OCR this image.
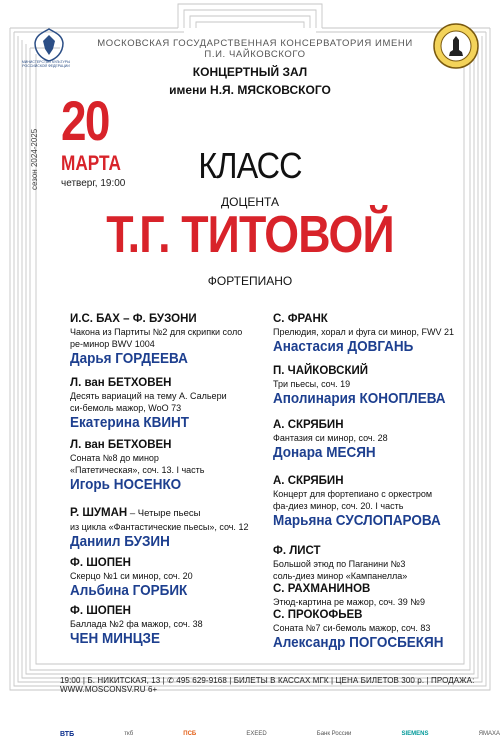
МИНИСТЕРСТВО КУЛЬТУРЫ РОССИЙСКОЙ ФЕДЕРАЦИИ
МОСКОВСКАЯ ГОСУДАРСТВЕННАЯ КОНСЕРВАТОРИЯ ИМЕНИ П.И. ЧАЙКОВСКОГО
КОНЦЕРТНЫЙ ЗАЛ
имени Н.Я. МЯСКОВСКОГО
сезон 2024-2025
20
МАРТА
четверг, 19:00	КЛАСС
ДОЦЕНТА
Т.Г. ТИТОВОЙ
ФОРТЕПИАНО
И.С. БАХ – Ф. БУЗОНИ
Чакона из Партиты №2 для скрипки соло
ре-минор BWV 1004
Дарья ГОРДЕЕВА
Л. ван БЕТХОВЕН
Десять вариаций на тему А. Сальери
си-бемоль мажор, WoO 73
Екатерина КВИНТ
Л. ван БЕТХОВЕН
Соната №8 до минор
«Патетическая», соч. 13. I часть
Игорь НОСЕНКО
Р. ШУМАН – Четыре пьесы
из цикла «Фантастические пьесы», соч. 12
Даниил БУЗИН
Ф. ШОПЕН
Скерцо №1 си минор, соч. 20
Альбина ГОРБИК
Ф. ШОПЕН
Баллада №2 фа мажор, соч. 38
ЧЕН МИНЦЗЕ
С. ФРАНК
Прелюдия, хорал и фуга си минор, FWV 21
Анастасия ДОВГАНЬ
П. ЧАЙКОВСКИЙ
Три пьесы, соч. 19
Аполинария КОНОПЛЕВА
А. СКРЯБИН
Фантазия си минор, соч. 28
Донара МЕСЯН
А. СКРЯБИН
Концерт для фортепиано с оркестром
фа-диез минор, соч. 20. I часть
Марьяна СУСЛОПАРОВА
Ф. ЛИСТ
Большой этюд по Паганини №3
соль-диез минор «Кампанелла»
С. РАХМАНИНОВ
Этюд-картина ре мажор, соч. 39 №9
С. ПРОКОФЬЕВ
Соната №7 си-бемоль мажор, соч. 83
Александр ПОГОСБЕКЯН
19:00 | Б. НИКИТСКАЯ, 13 | ✆ 495 629-9168 | БИЛЕТЫ В КАССАХ МГК | ЦЕНА БИЛЕТОВ 300 р. | ПРОДАЖА: WWW.MOSCONSV.RU 6+
ВТБ	ткб	ПСБ	EXEED	Банк России	SIEMENS	ЯМАХА
